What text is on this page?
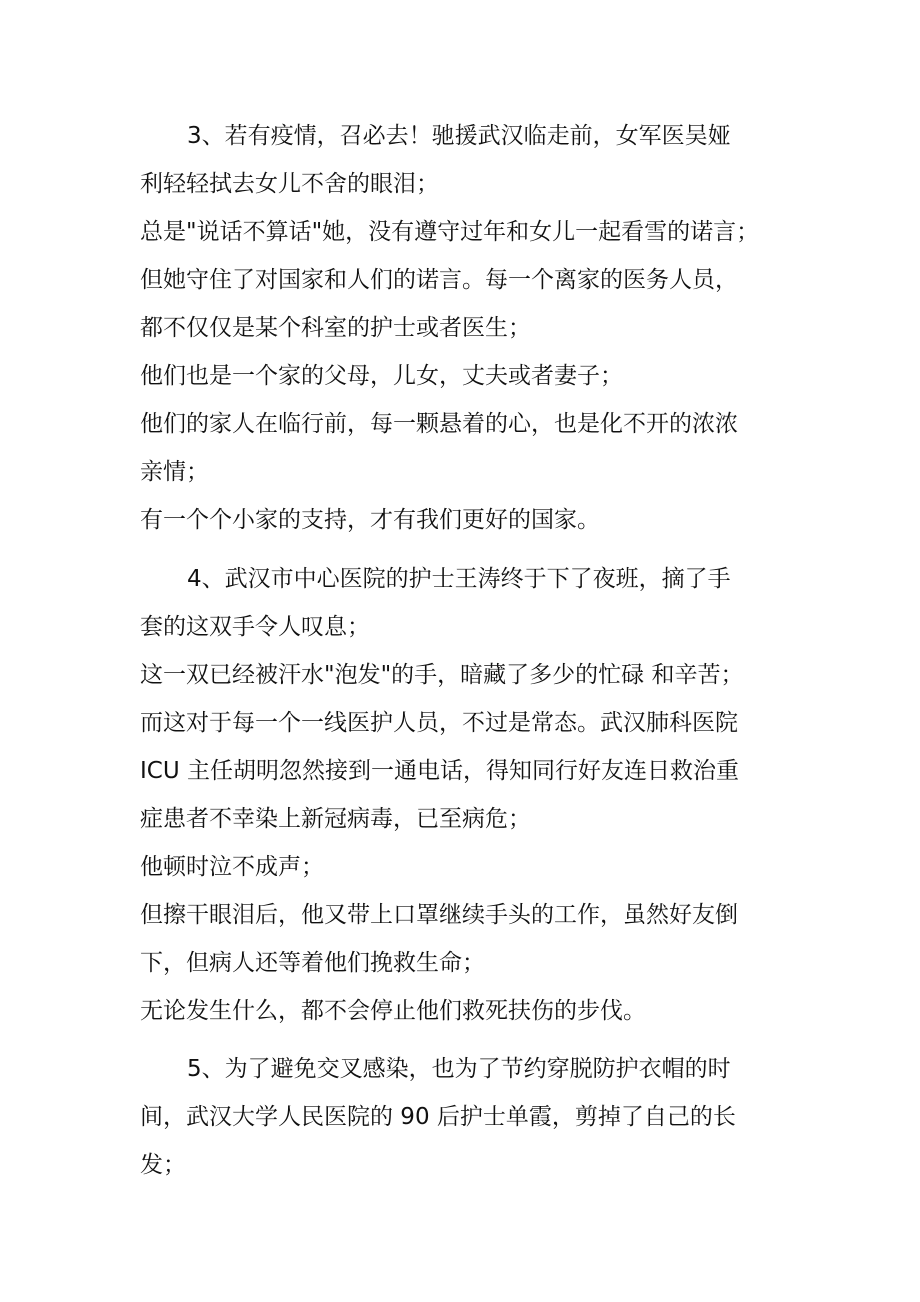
3、若有疫情，召必去！驰援武汉临走前，女军医吴娅
利轻轻拭去女儿不舍的眼泪；
总是"说话不算话"她，没有遵守过年和女儿一起看雪的诺言；
但她守住了对国家和人们的诺言。每一个离家的医务人员，
都不仅仅是某个科室的护士或者医生；
他们也是一个家的父母，儿女，丈夫或者妻子；
他们的家人在临行前，每一颗悬着的心，也是化不开的浓浓
亲情；
有一个个小家的支持，才有我们更好的国家。
4、武汉市中心医院的护士王涛终于下了夜班，摘了手
套的这双手令人叹息；
这一双已经被汗水"泡发"的手，暗藏了多少的忙碌 和辛苦；
而这对于每一个一线医护人员，不过是常态。武汉肺科医院
ICU 主任胡明忽然接到一通电话，得知同行好友连日救治重
症患者不幸染上新冠病毒，已至病危；
他顿时泣不成声；
但擦干眼泪后，他又带上口罩继续手头的工作，虽然好友倒
下，但病人还等着他们挽救生命；
无论发生什么，都不会停止他们救死扶伤的步伐。
5、为了避免交叉感染，也为了节约穿脱防护衣帽的时
间，武汉大学人民医院的 90 后护士单霞，剪掉了自己的长
发；
